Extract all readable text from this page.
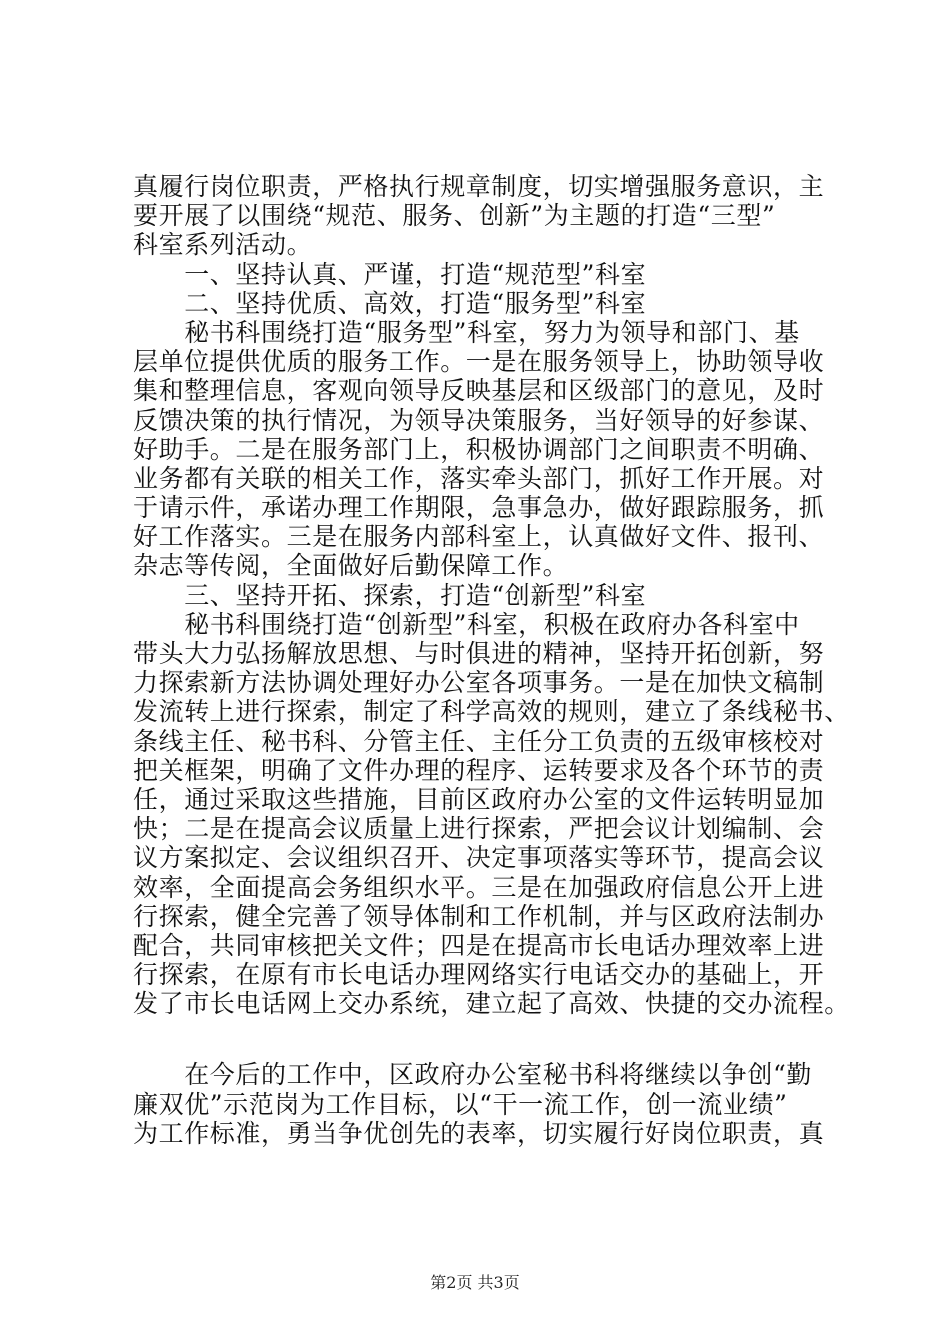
真履行岗位职责，严格执行规章制度，切实增强服务意识，主
要开展了以围绕“规范、服务、创新”为主题的打造“三型”
科室系列活动。
　　一、坚持认真、严谨，打造“规范型”科室
　　二、坚持优质、高效，打造“服务型”科室
　　秘书科围绕打造“服务型”科室，努力为领导和部门、基
层单位提供优质的服务工作。一是在服务领导上，协助领导收
集和整理信息，客观向领导反映基层和区级部门的意见，及时
反馈决策的执行情况，为领导决策服务，当好领导的好参谋、
好助手。二是在服务部门上，积极协调部门之间职责不明确、
业务都有关联的相关工作，落实牵头部门，抓好工作开展。对
于请示件，承诺办理工作期限，急事急办，做好跟踪服务，抓
好工作落实。三是在服务内部科室上，认真做好文件、报刊、
杂志等传阅，全面做好后勤保障工作。
　　三、坚持开拓、探索，打造“创新型”科室
　　秘书科围绕打造“创新型”科室，积极在政府办各科室中
带头大力弘扬解放思想、与时俱进的精神，坚持开拓创新，努
力探索新方法协调处理好办公室各项事务。一是在加快文稿制
发流转上进行探索，制定了科学高效的规则，建立了条线秘书、
条线主任、秘书科、分管主任、主任分工负责的五级审核校对
把关框架，明确了文件办理的程序、运转要求及各个环节的责
任，通过采取这些措施，目前区政府办公室的文件运转明显加
快；二是在提高会议质量上进行探索，严把会议计划编制、会
议方案拟定、会议组织召开、决定事项落实等环节，提高会议
效率，全面提高会务组织水平。三是在加强政府信息公开上进
行探索，健全完善了领导体制和工作机制，并与区政府法制办
配合，共同审核把关文件；四是在提高市长电话办理效率上进
行探索，在原有市长电话办理网络实行电话交办的基础上，开
发了市长电话网上交办系统，建立起了高效、快捷的交办流程。
　　在今后的工作中，区政府办公室秘书科将继续以争创“勤
廉双优”示范岗为工作目标，以“干一流工作，创一流业绩”
为工作标准，勇当争优创先的表率，切实履行好岗位职责，真
第2页 共3页
